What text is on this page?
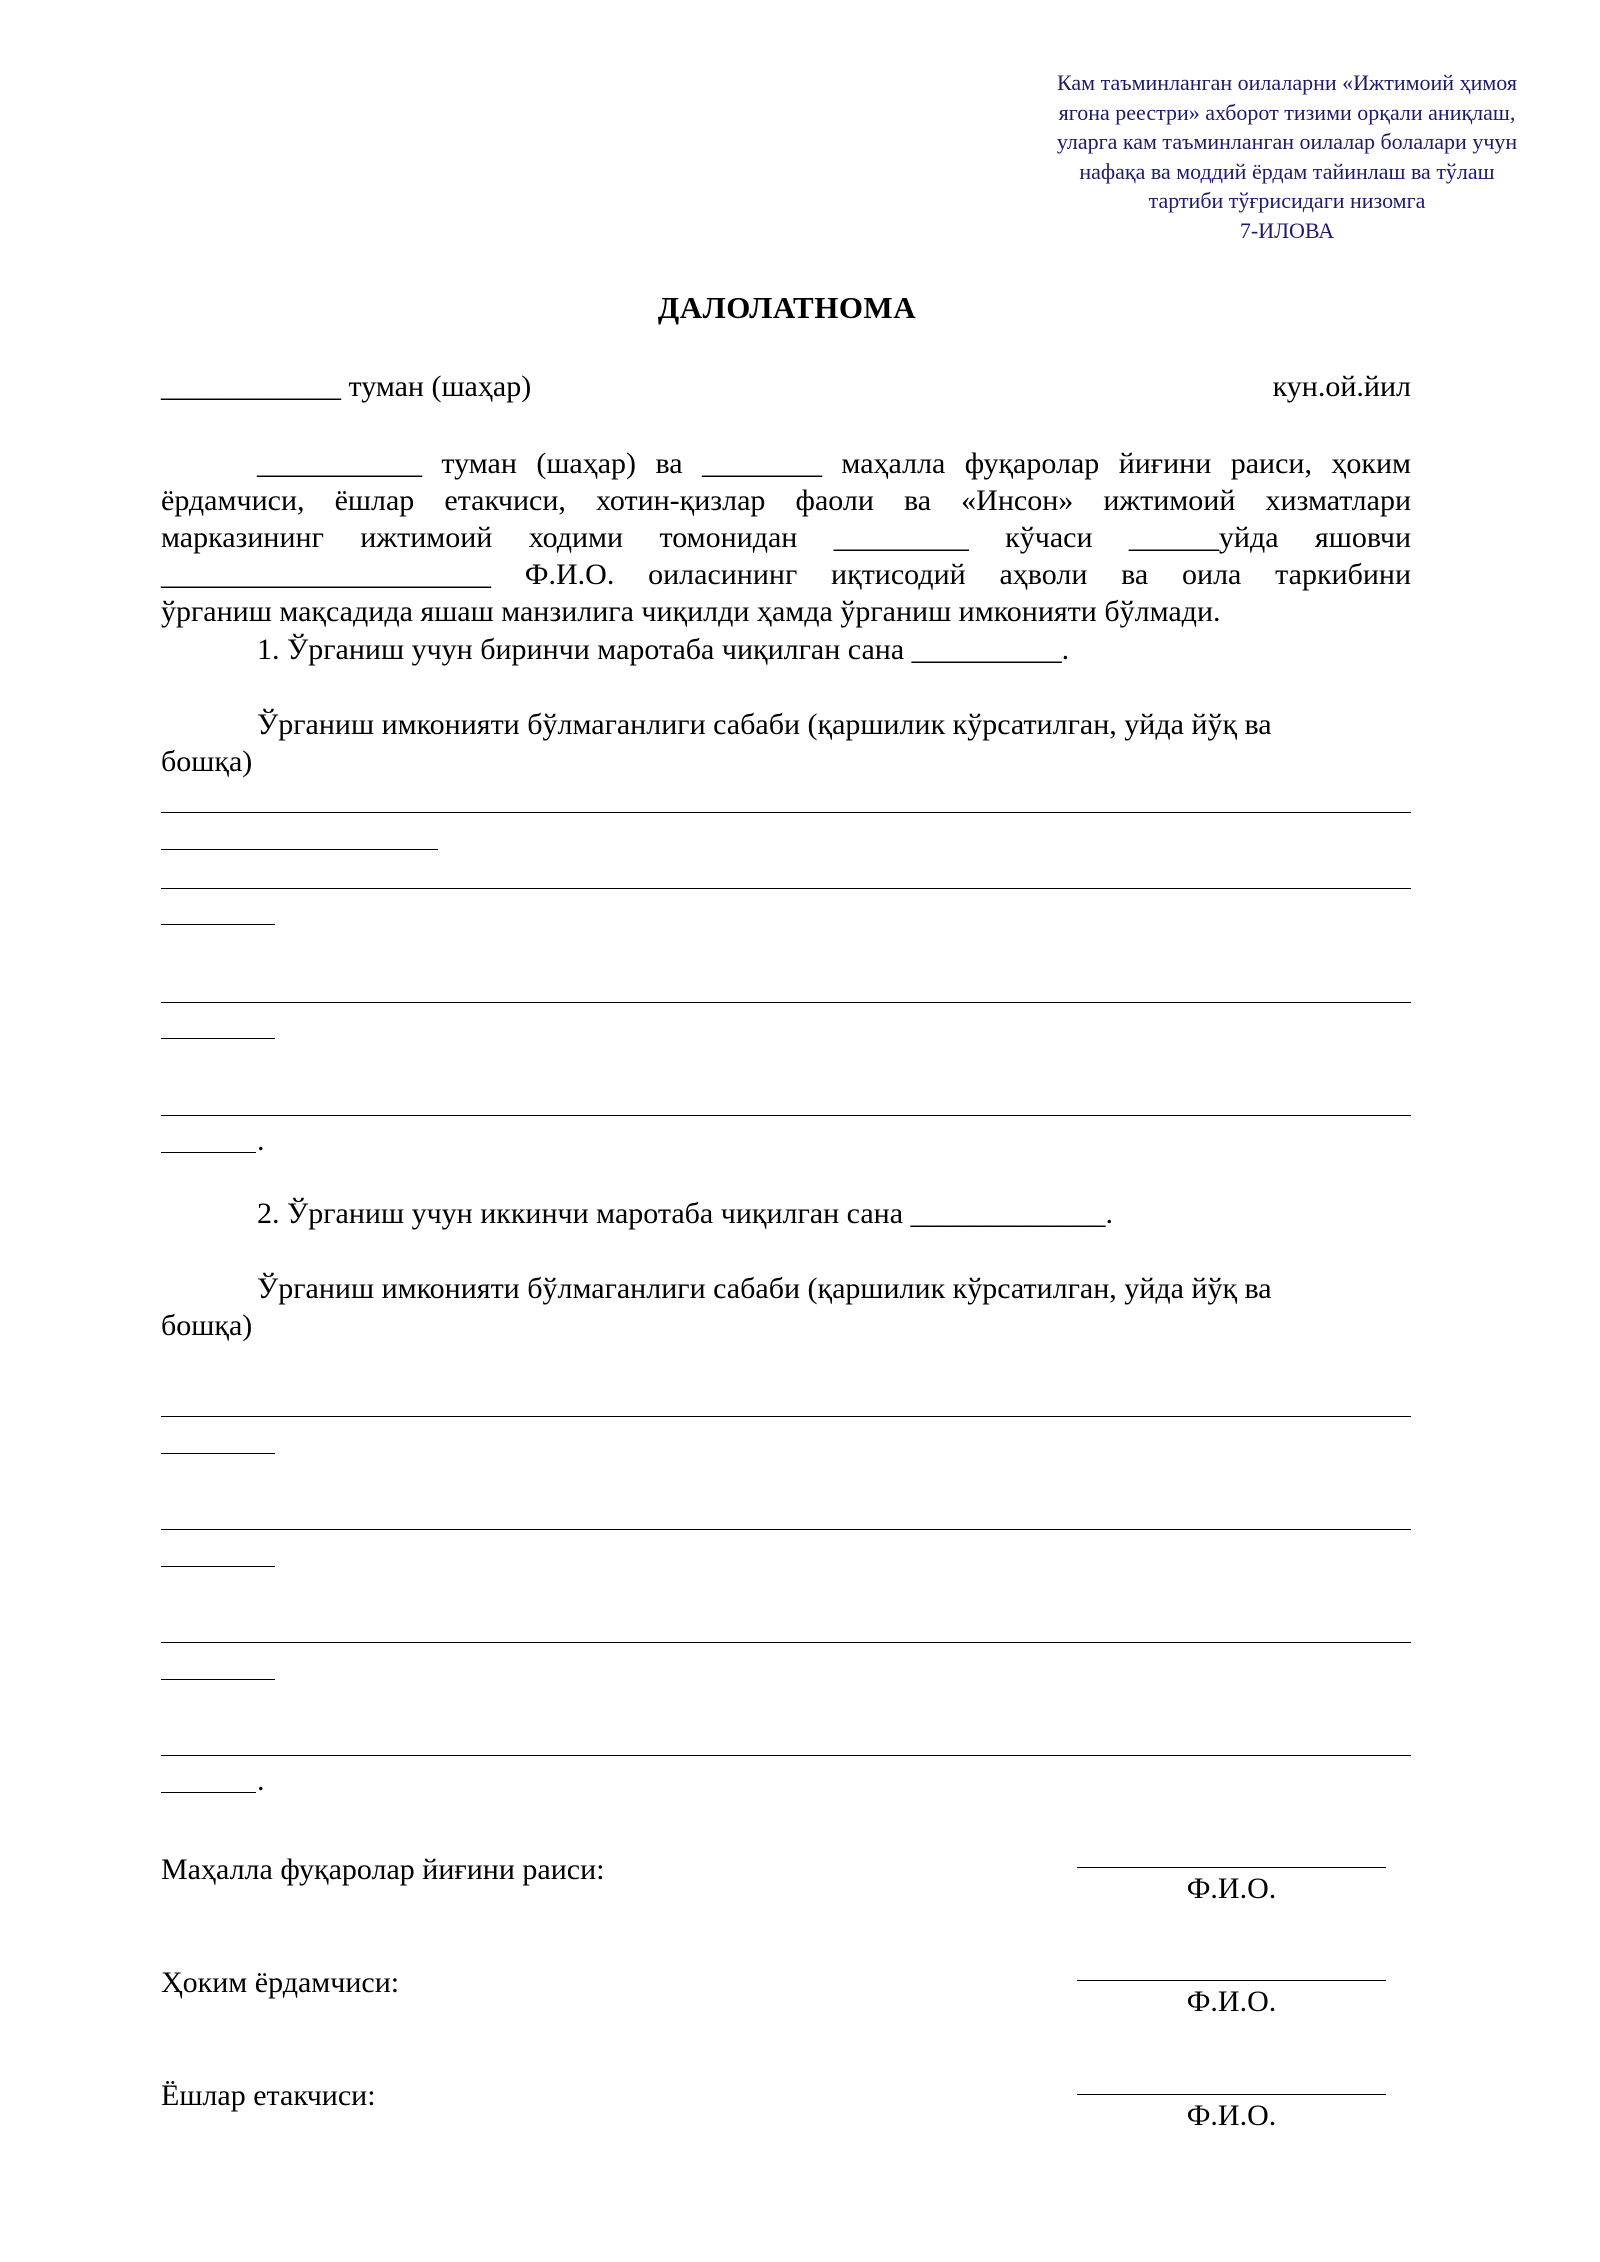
Кам таъминланган оилаларни «Ижтимоий ҳимоя
ягона реестри» ахборот тизими орқали аниқлаш,
уларга кам таъминланган оилалар болалари учун
нафақа ва моддий ёрдам тайинлаш ва тўлаш
тартиби тўғрисидаги низомга
7-ИЛОВА
ДАЛОЛАТНОМА
____________ туман (шаҳар)	кун.ой.йил
___________ туман (шаҳар) ва ________ маҳалла фуқаролар йиғини раиси, ҳоким
ёрдамчиси, ёшлар етакчиси, хотин-қизлар фаоли ва «Инсон» ижтимоий хизматлари
марказининг ижтимоий ходими томонидан _________ кўчаси ______уйда яшовчи
______________________ Ф.И.О. оиласининг иқтисодий аҳволи ва оила таркибини
ўрганиш мақсадида яшаш манзилига чиқилди ҳамда ўрганиш имконияти бўлмади.
1. Ўрганиш учун биринчи маротаба чиқилган сана __________.
Ўрганиш имконияти бўлмаганлиги сабаби (қаршилик кўрсатилган, уйда йўқ ва
бошқа)
.
2. Ўрганиш учун иккинчи маротаба чиқилган сана _____________.
Ўрганиш имконияти бўлмаганлиги сабаби (қаршилик кўрсатилган, уйда йўқ ва
бошқа)
.
Маҳалла фуқаролар йиғини раиси:
Ф.И.О.
Ҳоким ёрдамчиси:
Ф.И.О.
Ёшлар етакчиси:
Ф.И.О.
